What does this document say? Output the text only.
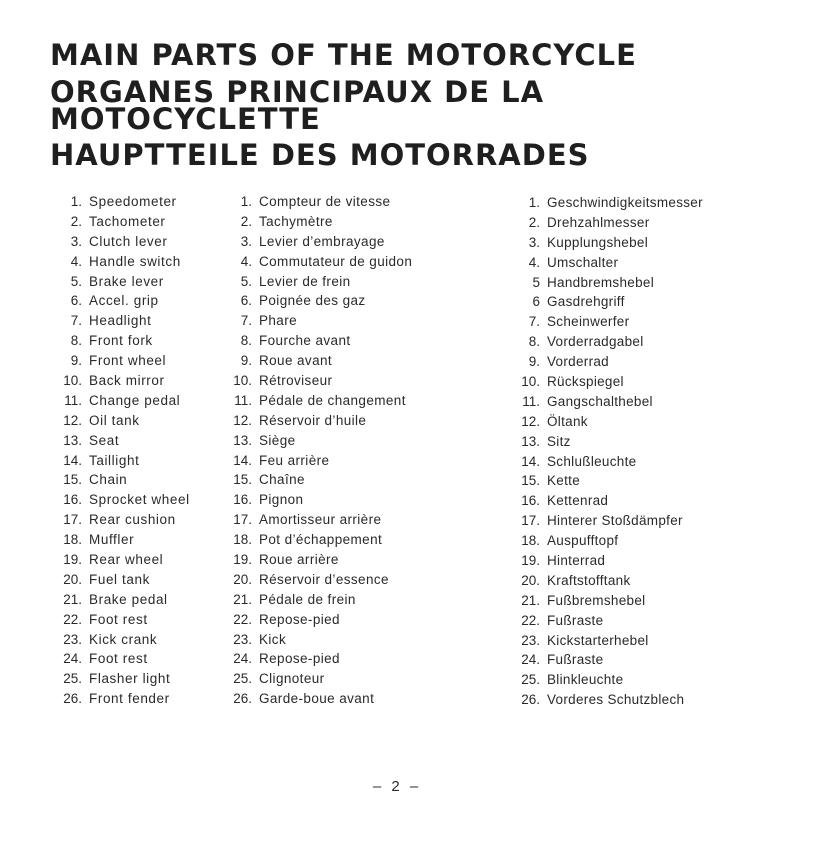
MAIN PARTS OF THE MOTORCYCLE
ORGANES PRINCIPAUX DE LA
MOTOCYCLETTE
HAUPTTEILE DES MOTORRADES
1. Speedometer
2. Tachometer
3. Clutch lever
4. Handle switch
5. Brake lever
6. Accel. grip
7. Headlight
8. Front fork
9. Front wheel
10. Back mirror
11. Change pedal
12. Oil tank
13. Seat
14. Taillight
15. Chain
16. Sprocket wheel
17. Rear cushion
18. Muffler
19. Rear wheel
20. Fuel tank
21. Brake pedal
22. Foot rest
23. Kick crank
24. Foot rest
25. Flasher light
26. Front fender
1. Compteur de vitesse
2. Tachymètre
3. Levier d’embrayage
4. Commutateur de guidon
5. Levier de frein
6. Poignée des gaz
7. Phare
8. Fourche avant
9. Roue avant
10. Rétroviseur
11. Pédale de changement
12. Réservoir d’huile
13. Siège
14. Feu arrière
15. Chaîne
16. Pignon
17. Amortisseur arrière
18. Pot d’échappement
19. Roue arrière
20. Réservoir d’essence
21. Pédale de frein
22. Repose-pied
23. Kick
24. Repose-pied
25. Clignoteur
26. Garde-boue avant
1. Geschwindigkeitsmesser
2. Drehzahlmesser
3. Kupplungshebel
4. Umschalter
5 Handbremshebel
6 Gasdrehgriff
7. Scheinwerfer
8. Vorderradgabel
9. Vorderrad
10. Rückspiegel
11. Gangschalthebel
12. Öltank
13. Sitz
14. Schlußleuchte
15. Kette
16. Kettenrad
17. Hinterer Stoßdämpfer
18. Auspufftopf
19. Hinterrad
20. Kraftstofftank
21. Fußbremshebel
22. Fußraste
23. Kickstarterhebel
24. Fußraste
25. Blinkleuchte
26. Vorderes Schutzblech
– 2 –
